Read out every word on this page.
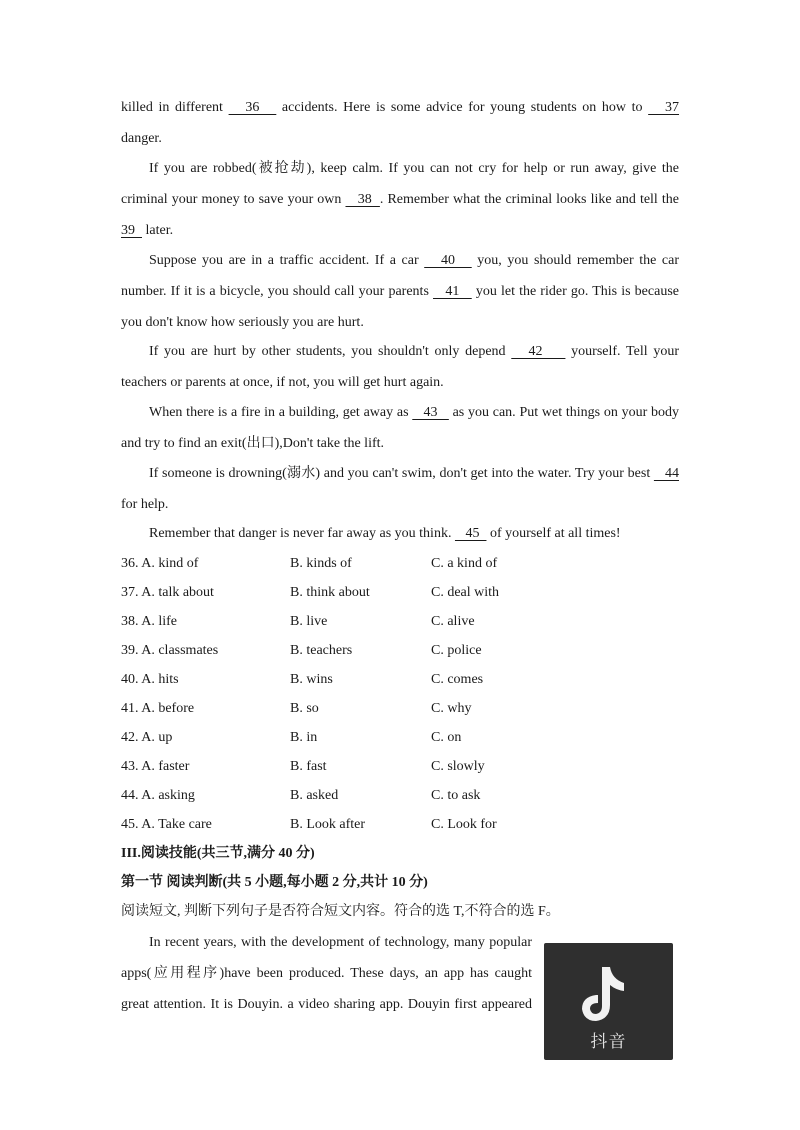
killed in different    36    accidents. Here is some advice for young students on how to    37
danger.
If you are robbed(被抢劫), keep calm. If you can not cry for help or run away, give the
criminal your money to save your own    38  . Remember what the criminal looks like and tell the
39   later.
Suppose you are in a traffic accident. If a car    40    you, you should remember the car
number. If it is a bicycle, you should call your parents    41    you let the rider go. This is because
you don't know how seriously you are hurt.
If you are hurt by other students, you shouldn't only depend    42     yourself. Tell your
teachers or parents at once, if not, you will get hurt again.
When there is a fire in a building, get away as    43    as you can. Put wet things on your body
and try to find an exit(出口),Don't take the lift.
If someone is drowning(溺水) and you can't swim, don't get into the water. Try your best    44
for help.
Remember that danger is never far away as you think.    45   of yourself at all times!
36. A. kind of	B. kinds of	C. a kind of
37. A. talk about	B. think about	C. deal with
38. A. life	B. live	C. alive
39. A. classmates	B. teachers	C. police
40. A. hits	B. wins	C. comes
41. A. before	B. so	C. why
42. A. up	B. in	C. on
43. A. faster	B. fast	C. slowly
44. A. asking	B. asked	C. to ask
45. A. Take care	B. Look after	C. Look for
III.阅读技能(共三节,满分 40 分)
第一节 阅读判断(共 5 小题,每小题 2 分,共计 10 分)
阅读短文, 判断下列句子是否符合短文内容。符合的选 T,不符合的选 F。
In recent years, with the development of technology, many popular
apps(应用程序)have been produced. These days, an app has caught
great attention. It is Douyin. a video sharing app. Douyin first appeared
抖音
